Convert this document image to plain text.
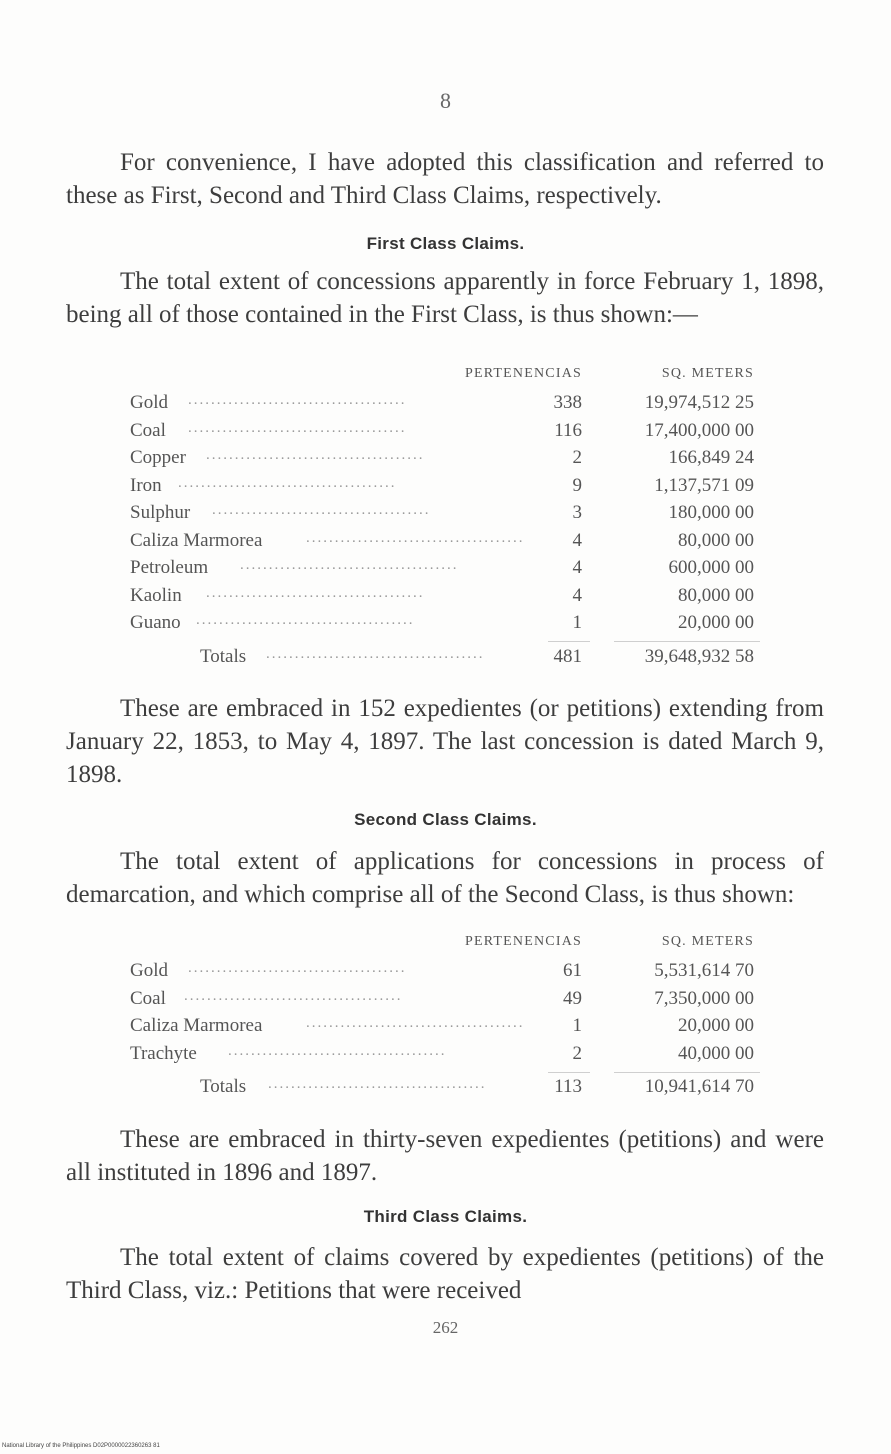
8

For convenience, I have adopted this classification and referred to these as First, Second and Third Class Claims, respectively.

First Class Claims.

The total extent of concessions apparently in force February 1, 1898, being all of those contained in the First Class, is thus shown:—

PERTENENCIAS	SQ. METERS
Gold ......................................	338	19,974,512 25
Coal ......................................	116	17,400,000 00
Copper ......................................	2	166,849 24
Iron ......................................	9	1,137,571 09
Sulphur ......................................	3	180,000 00
Caliza Marmorea	......................................	4	80,000 00
Petroleum ......................................	4	600,000 00
Kaolin ......................................	4	80,000 00
Guano ......................................	1	20,000 00
Totals ......................................	481	39,648,932 58

These are embraced in 152 expedientes (or petitions) extending from January 22, 1853, to May 4, 1897. The last concession is dated March 9, 1898.

Second Class Claims.

The total extent of applications for concessions in process of demarcation, and which comprise all of the Second Class, is thus shown:

PERTENENCIAS	SQ. METERS
Gold ......................................	61	5,531,614 70
Coal ......................................	49	7,350,000 00
Caliza Marmorea	......................................	1	20,000 00
Trachyte ......................................	2	40,000 00
Totals ......................................	113	10,941,614 70

These are embraced in thirty-seven expedientes (petitions) and were all instituted in 1896 and 1897.

Third Class Claims.

The total extent of claims covered by expedientes (petitions) of the Third Class, viz.: Petitions that were received

262
National Library of the Philippines D02P0000022360263 81
